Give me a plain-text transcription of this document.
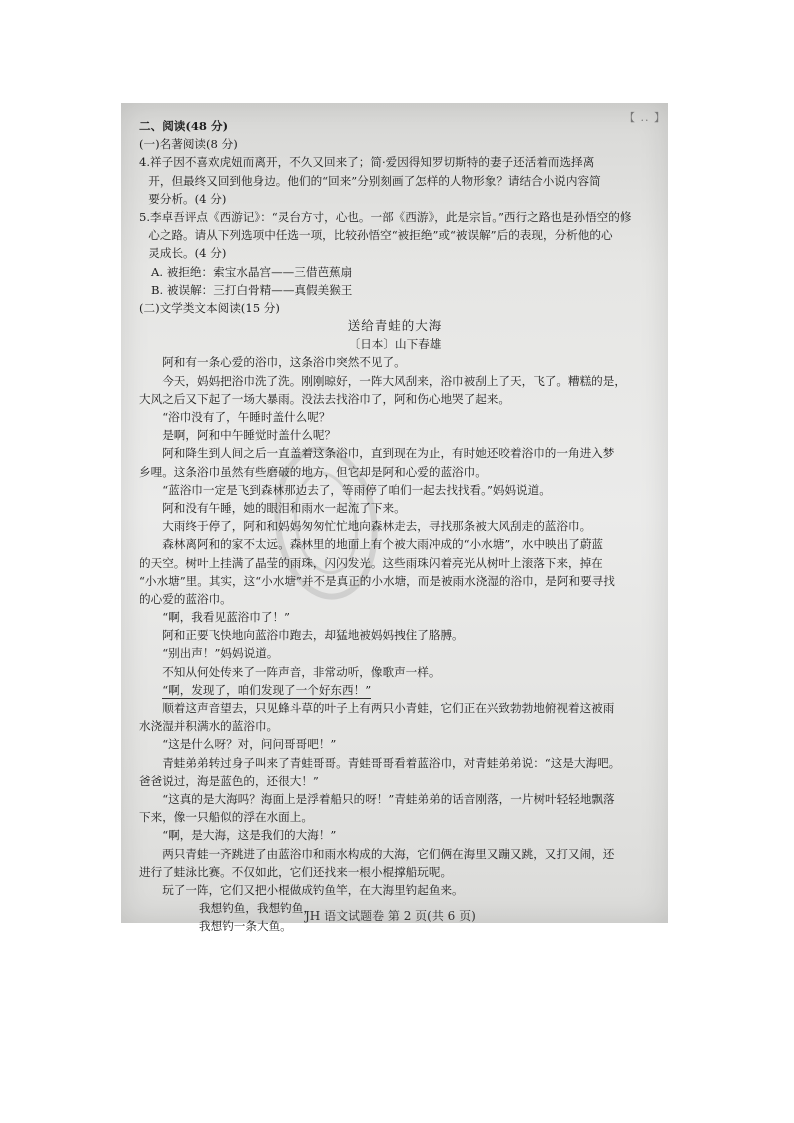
【 .. 】
二、阅读(48 分)
(一)名著阅读(8 分)
4.祥子因不喜欢虎妞而离开，不久又回来了；简·爱因得知罗切斯特的妻子还活着而选择离
开，但最终又回到他身边。他们的“回来”分别刻画了怎样的人物形象？请结合小说内容简
要分析。(4 分)
5.李卓吾评点《西游记》：“灵台方寸，心也。一部《西游》，此是宗旨。”西行之路也是孙悟空的修
心之路。请从下列选项中任选一项，比较孙悟空“被拒绝”或“被误解”后的表现，分析他的心
灵成长。(4 分)
A. 被拒绝：索宝水晶宫——三借芭蕉扇
B. 被误解：三打白骨精——真假美猴王
(二)文学类文本阅读(15 分)
送给青蛙的大海
〔日本〕山下春雄
阿和有一条心爱的浴巾，这条浴巾突然不见了。
今天，妈妈把浴巾洗了洗。刚刚晾好，一阵大风刮来，浴巾被刮上了天，飞了。糟糕的是，
大风之后又下起了一场大暴雨。没法去找浴巾了，阿和伤心地哭了起来。
“浴巾没有了，午睡时盖什么呢？
是啊，阿和中午睡觉时盖什么呢？
阿和降生到人间之后一直盖着这条浴巾，直到现在为止，有时她还咬着浴巾的一角进入梦
乡哩。这条浴巾虽然有些磨破的地方，但它却是阿和心爱的蓝浴巾。
“蓝浴巾一定是飞到森林那边去了，等雨停了咱们一起去找找看。”妈妈说道。
阿和没有午睡，她的眼泪和雨水一起流了下来。
大雨终于停了，阿和和妈妈匆匆忙忙地向森林走去，寻找那条被大风刮走的蓝浴巾。
森林离阿和的家不太远。森林里的地面上有个被大雨冲成的“小水塘”，水中映出了蔚蓝
的天空。树叶上挂满了晶莹的雨珠，闪闪发光。这些雨珠闪着亮光从树叶上滚落下来，掉在
“小水塘”里。其实，这“小水塘”并不是真正的小水塘，而是被雨水浇湿的浴巾，是阿和要寻找
的心爱的蓝浴巾。
“啊，我看见蓝浴巾了！”
阿和正要飞快地向蓝浴巾跑去，却猛地被妈妈拽住了胳膊。
“别出声！”妈妈说道。
不知从何处传来了一阵声音，非常动听，像歌声一样。
“啊，发现了，咱们发现了一个好东西！”
顺着这声音望去，只见蜂斗草的叶子上有两只小青蛙，它们正在兴致勃勃地俯视着这被雨
水浇湿并积满水的蓝浴巾。
“这是什么呀？对，问问哥哥吧！”
青蛙弟弟转过身子叫来了青蛙哥哥。青蛙哥哥看着蓝浴巾，对青蛙弟弟说：“这是大海吧。
爸爸说过，海是蓝色的，还很大！”
“这真的是大海吗？海面上是浮着船只的呀！”青蛙弟弟的话音刚落，一片树叶轻轻地飘落
下来，像一只船似的浮在水面上。
“啊，是大海，这是我们的大海！”
两只青蛙一齐跳进了由蓝浴巾和雨水构成的大海，它们俩在海里又蹦又跳，又打又闹，还
进行了蛙泳比赛。不仅如此，它们还找来一根小棍撑船玩呢。
玩了一阵，它们又把小棍做成钓鱼竿，在大海里钓起鱼来。
我想钓鱼，我想钓鱼，
我想钓一条大鱼。
JH 语文试题卷 第 2 页(共 6 页)
